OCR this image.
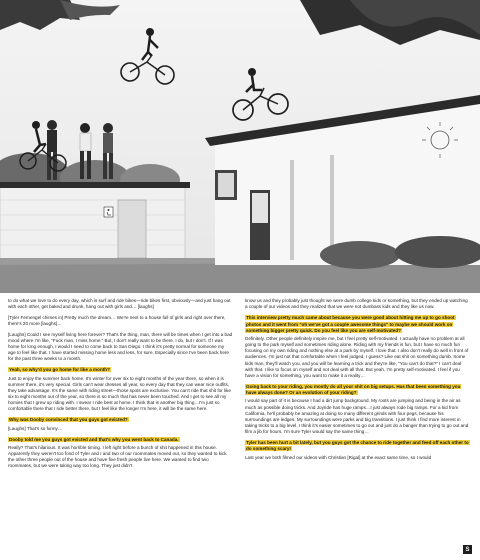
to do what we love to do every day, which is surf and ride bikes—ride bikes first, obviously—and just hang out with each other, get baked and drunk, hang out with girls and… [laughs]

[Tyler Fernengel chimes in] Pretty much the dream… We're next to a house full of girls and right over there, there's 20 more [laughs]…

[Laughs] Could I see myself living here forever? That's the thing, man, there will be times when I get into a bad mood where I'm like, "Fuck man, I miss home." But, I don't really want to be there. I do, but I don't. If I was home for long enough, I would I need to come back to San Diego. I think it's pretty normal for someone my age to feel like that. I have started missing home less and less, for sure. Especially since I've been back here for the past three weeks to a month.

Yeah, so why'd you go home for like a month?

Just to enjoy the summer back home. It's winter for over six to eight months of the year there, so when it is summer there, it's very special. Girls can't wear dresses all year, so every day that they can wear nice outfits, they take advantage. It's the same with riding street—those spots are exclusive. You can't ride that shit for like six to eight months out of the year, so there is so much that has never been touched. And I get to see all my homies that I grew up riding with. I swear I ride best at home. I think that is another big thing…I'm just so comfortable there that I ride better there, but I feel like the longer I'm here, it will be the same here.

Why was Dooby convinced that you guys got evicted?

[Laughs] That's so funny…

Dooby told me you guys got evicted and that's why you went back to Canada.

Really? That's hilarious. It was horrible timing. I left right before a bunch of shit happened in this house. Apparently they weren't too fond of Tyler and I and two of our roommates moved out, so they wanted to kick the other three people out of the house and have five fresh people live here. We wanted to find two roommates, but we were taking way too long. They just didn't

know us and they probably just thought we were dumb college kids or something, but they ended up watching a couple of our videos and they realized that we were not dumbass kids and they like us now.

This interview pretty much came about because you were good about hitting me up to go shoot photos and it went from "oh we've got a couple awesome things" to maybe we should work on something bigger pretty quick. Do you feel like you are self-motivated?

Definitely. Other people definitely inspire me, but I feel pretty self-motivated. I actually have no problem at all going to the park myself and sometimes riding alone. Riding with my friends is fun, but I have so much fun focusing on my own riding and nothing else at a park by myself. I love that. I also don't really do well in front of audiences. I'm just not that comfortable when I feel judged, I guess? Like eat shit on something dumb. Some kids man, they'll watch you, and you will be learning a trick and they're like, "You can't do that?" I can't deal with that. I like to focus on myself and not deal with all that. But yeah, I'm pretty self-motivated. I feel if you have a vision for something, you want to make it a reality…

Going back to your riding, you mostly do all your shit on big setups. Has that been something you have always done? Or an evolution of your riding?

I would say part of it is because I had a dirt jump background. My roots are jumping and being in the air as much as possible doing tricks. And Joyride has huge ramps…I just always rode big ramps. For a kid from California, he'll probably be amazing at doing so many different grinds with four pegs, because his surroundings are ledges. My surroundings were parks and big transitions. I just think I find more interest in taking tricks to a big level. I think it's easier sometimes to go out and just do a banger than trying to go out and film a jib for hours. I'm sure Tyler would say the same thing…

Tyler has been hurt a bit lately, but you guys got the chance to ride together and feed off each other to do something scary!

Last year we both filmed our videos with Christian [Rigal] at the exact same time, so I would

S
